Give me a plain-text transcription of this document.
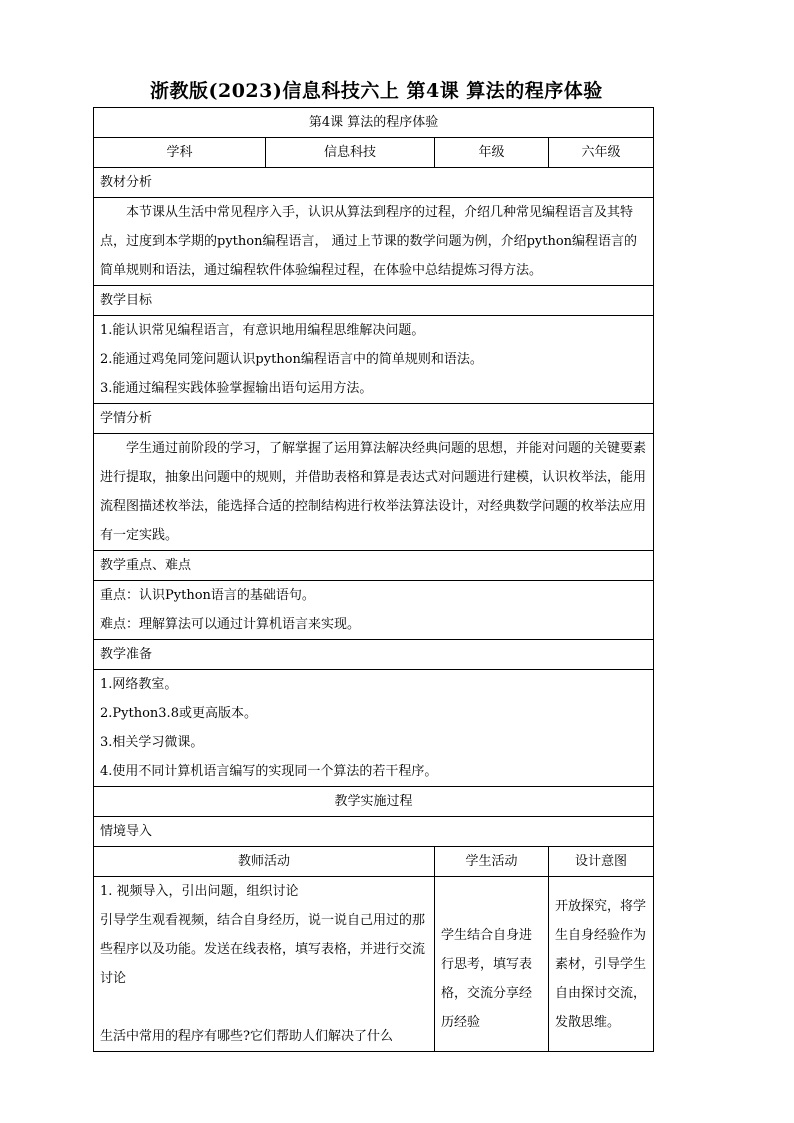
浙教版(2023)信息科技六上 第4课 算法的程序体验
第4课 算法的程序体验			
学科	信息科技	年级	六年级
教材分析			

本节课从生活中常见程序入手，认识从算法到程序的过程，介绍几种常见编程语言及其特点，过度到本学期的python编程语言， 通过上节课的数学问题为例，介绍python编程语言的简单规则和语法，通过编程软件体验编程过程，在体验中总结提炼习得方法。			

教学目标			

1.能认识常见编程语言，有意识地用编程思维解决问题。
2.能通过鸡兔同笼问题认识python编程语言中的简单规则和语法。
3.能通过编程实践体验掌握输出语句运用方法。			

学情分析			

学生通过前阶段的学习，了解掌握了运用算法解决经典问题的思想，并能对问题的关键要素进行提取，抽象出问题中的规则，并借助表格和算是表达式对问题进行建模，认识枚举法，能用流程图描述枚举法，能选择合适的控制结构进行枚举法算法设计，对经典数学问题的枚举法应用有一定实践。			

教学重点、难点			

重点：认识Python语言的基础语句。
难点：理解算法可以通过计算机语言来实现。			

教学准备			

1.网络教室。
2.Python3.8或更高版本。
3.相关学习微课。
4.使用不同计算机语言编写的实现同一个算法的若干程序。			

教学实施过程			
情境导入			
教师活动		学生活动	设计意图

1. 视频导入，引出问题，组织讨论
引导学生观看视频，结合自身经历，说一说自己用过的那些程序以及功能。发送在线表格，填写表格，并进行交流讨论
生活中常用的程序有哪些?它们帮助人们解决了什么		学生结合自身进行思考，填写表格，交流分享经历经验	开放探究，将学生自身经验作为素材，引导学生自由探讨交流，发散思维。
